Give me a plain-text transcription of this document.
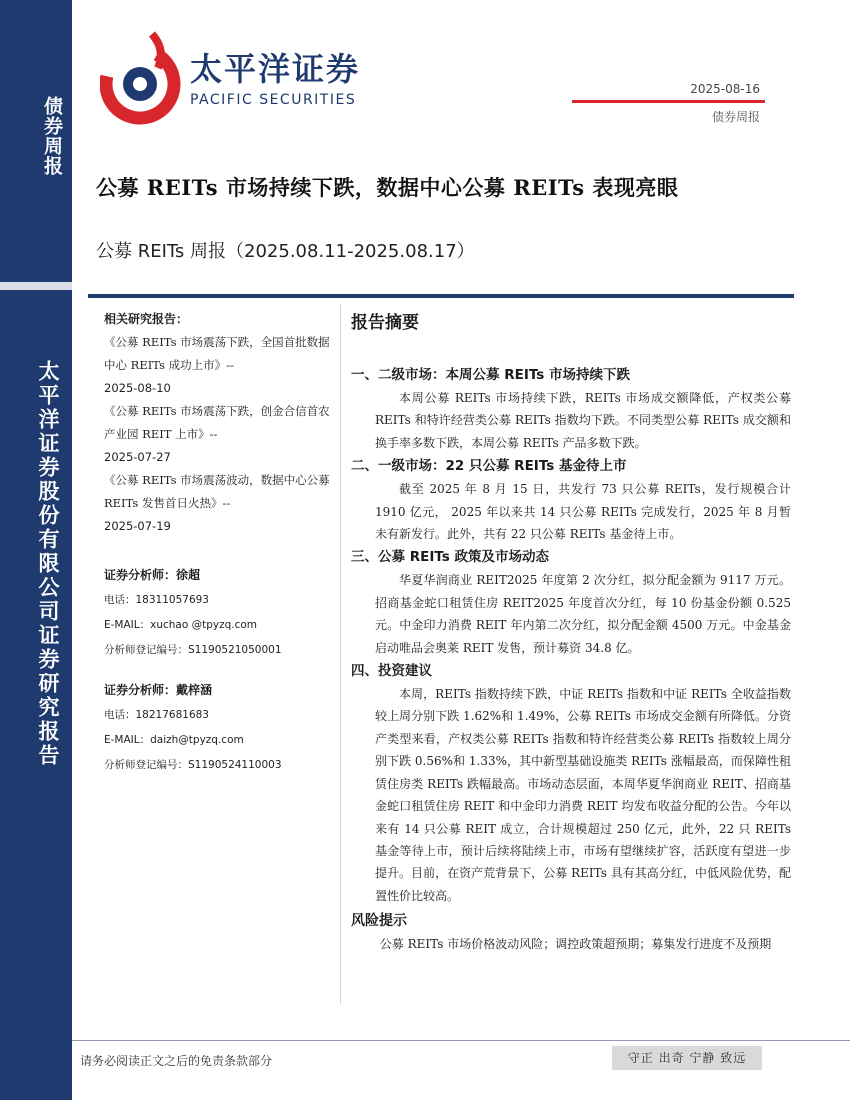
债券周报
太平洋证券股份有限公司证券研究报告
太平洋证券
PACIFIC SECURITIES
2025-08-16
债券周报
公募 REITs 市场持续下跌，数据中心公募 REITs 表现亮眼
公募 REITs 周报（2025.08.11-2025.08.17）
相关研究报告：
《公募 REITs 市场震荡下跌，全国首批数据中心 REITs 成功上市》--
2025-08-10
《公募 REITs 市场震荡下跌，创金合信首农产业园 REIT 上市》--
2025-07-27
《公募 REITs 市场震荡波动，数据中心公募 REITs 发售首日火热》--
2025-07-19
证券分析师：徐超
电话：18311057693
E-MAIL：xuchao @tpyzq.com
分析师登记编号：S1190521050001
证券分析师：戴梓涵
电话：18217681683
E-MAIL：daizh@tpyzq.com
分析师登记编号：S1190524110003
报告摘要
一、二级市场：本周公募 REITs 市场持续下跌
本周公募 REITs 市场持续下跌，REITs 市场成交额降低，产权类公募 REITs 和特许经营类公募 REITs 指数均下跌。不同类型公募 REITs 成交额和换手率多数下跌，本周公募 REITs 产品多数下跌。
二、一级市场：22 只公募 REITs 基金待上市
截至 2025 年 8 月 15 日，共发行 73 只公募 REITs，发行规模合计 1910 亿元， 2025 年以来共 14 只公募 REITs 完成发行，2025 年 8 月暂未有新发行。此外，共有 22 只公募 REITs 基金待上市。
三、公募 REITs 政策及市场动态
华夏华润商业 REIT2025 年度第 2 次分红，拟分配金额为 9117 万元。招商基金蛇口租赁住房 REIT2025 年度首次分红，每 10 份基金份额 0.525 元。中金印力消费 REIT 年内第二次分红，拟分配金额 4500 万元。中金基金启动唯品会奥莱 REIT 发售，预计募资 34.8 亿。
四、投资建议
本周，REITs 指数持续下跌，中证 REITs 指数和中证 REITs 全收益指数较上周分别下跌 1.62%和 1.49%，公募 REITs 市场成交金额有所降低。分资产类型来看，产权类公募 REITs 指数和特许经营类公募 REITs 指数较上周分别下跌 0.56%和 1.33%，其中新型基础设施类 REITs 涨幅最高，而保障性租赁住房类 REITs 跌幅最高。市场动态层面，本周华夏华润商业 REIT、招商基金蛇口租赁住房 REIT 和中金印力消费 REIT 均发布收益分配的公告。今年以来有 14 只公募 REIT 成立，合计规模超过 250 亿元，此外，22 只 REITs 基金等待上市，预计后续将陆续上市，市场有望继续扩容，活跃度有望进一步提升。目前，在资产荒背景下，公募 REITs 具有其高分红，中低风险优势，配置性价比较高。
风险提示
公募 REITs 市场价格波动风险；调控政策超预期；募集发行进度不及预期
请务必阅读正文之后的免责条款部分	守正 出奇 宁静 致远
